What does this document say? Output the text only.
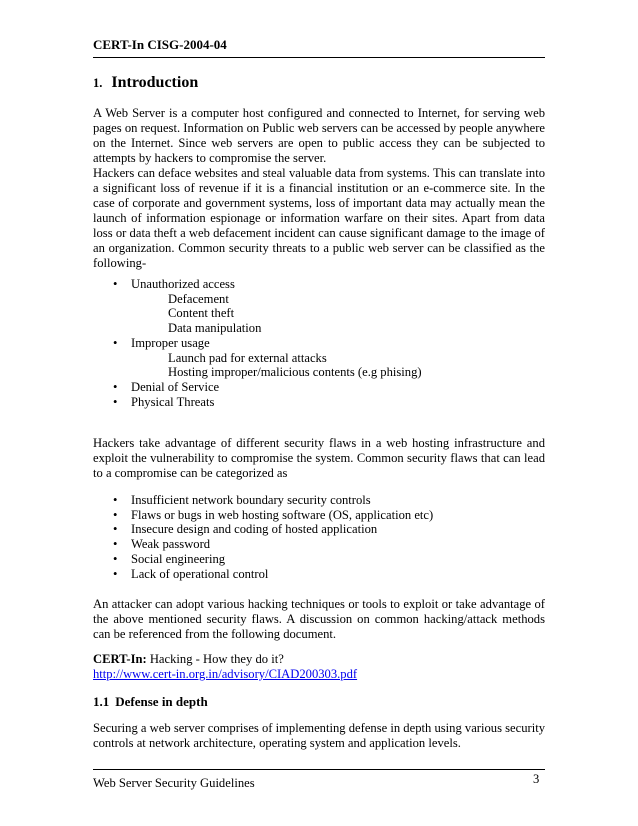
CERT-In CISG-2004-04
1. Introduction

A Web Server is a computer host configured and connected to Internet, for serving web pages on request. Information on Public web servers can be accessed by people anywhere on the Internet. Since web servers are open to public access they can be subjected to attempts by hackers to compromise the server.

Hackers can deface websites and steal valuable data from systems. This can translate into a significant loss of revenue if it is a financial institution or an e-commerce site. In the case of corporate and government systems, loss of important data may actually mean the launch of information espionage or information warfare on their sites. Apart from data loss or data theft a web defacement incident can cause significant damage to the image of an organization. Common security threats to a public web server can be classified as the following-

• Unauthorized access
Defacement
Content theft
Data manipulation
• Improper usage
Launch pad for external attacks
Hosting improper/malicious contents (e.g phising)
• Denial of Service
• Physical Threats
Hackers take advantage of different security flaws in a web hosting infrastructure and exploit the vulnerability to compromise the system. Common security flaws that can lead to a compromise can be categorized as
• Insufficient network boundary security controls
• Flaws or bugs in web hosting software (OS, application etc)
• Insecure design and coding of hosted application
• Weak password
• Social engineering
• Lack of operational control
An attacker can adopt various hacking techniques or tools to exploit or take advantage of the above mentioned security flaws. A discussion on common hacking/attack methods can be referenced from the following document.
CERT-In: Hacking - How they do it?
http://www.cert-in.org.in/advisory/CIAD200303.pdf
1.1 Defense in depth
Securing a web server comprises of implementing defense in depth using various security controls at network architecture, operating system and application levels.
Web Server Security Guidelines	3
